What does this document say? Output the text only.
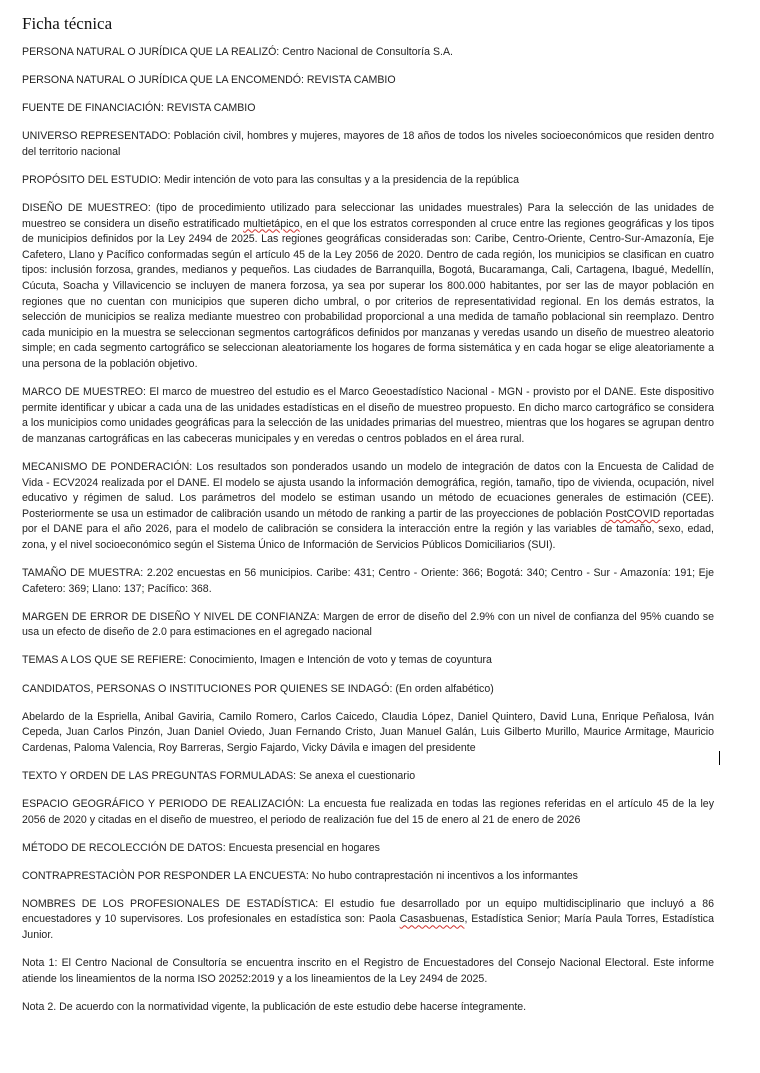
Ficha técnica

PERSONA NATURAL O JURÍDICA QUE LA REALIZÓ: Centro Nacional de Consultoría S.A.

PERSONA NATURAL O JURÍDICA QUE LA ENCOMENDÓ: REVISTA CAMBIO

FUENTE DE FINANCIACIÓN: REVISTA CAMBIO

UNIVERSO REPRESENTADO: Población civil, hombres y mujeres, mayores de 18 años de todos los niveles socioeconómicos que residen dentro del territorio nacional

PROPÓSITO DEL ESTUDIO: Medir intención de voto para las consultas y a la presidencia de la república

DISEÑO DE MUESTREO: (tipo de procedimiento utilizado para seleccionar las unidades muestrales) Para la selección de las unidades de muestreo se considera un diseño estratificado multietápico, en el que los estratos corresponden al cruce entre las regiones geográficas y los tipos de municipios definidos por la Ley 2494 de 2025. Las regiones geográficas consideradas son: Caribe, Centro-Oriente, Centro-Sur-Amazonía, Eje Cafetero, Llano y Pacífico conformadas según el artículo 45 de la Ley 2056 de 2020. Dentro de cada región, los municipios se clasifican en cuatro tipos: inclusión forzosa, grandes, medianos y pequeños. Las ciudades de Barranquilla, Bogotá, Bucaramanga, Cali, Cartagena, Ibagué, Medellín, Cúcuta, Soacha y Villavicencio se incluyen de manera forzosa, ya sea por superar los 800.000 habitantes, por ser las de mayor población en regiones que no cuentan con municipios que superen dicho umbral, o por criterios de representatividad regional. En los demás estratos, la selección de municipios se realiza mediante muestreo con probabilidad proporcional a una medida de tamaño poblacional sin reemplazo. Dentro cada municipio en la muestra se seleccionan segmentos cartográficos definidos por manzanas y veredas usando un diseño de muestreo aleatorio simple; en cada segmento cartográfico se seleccionan aleatoriamente los hogares de forma sistemática y en cada hogar se elige aleatoriamente a una persona de la población objetivo.

MARCO DE MUESTREO: El marco de muestreo del estudio es el Marco Geoestadístico Nacional - MGN - provisto por el DANE. Este dispositivo permite identificar y ubicar a cada una de las unidades estadísticas en el diseño de muestreo propuesto. En dicho marco cartográfico se considera a los municipios como unidades geográficas para la selección de las unidades primarias del muestreo, mientras que los hogares se agrupan dentro de manzanas cartográficas en las cabeceras municipales y en veredas o centros poblados en el área rural.

MECANISMO DE PONDERACIÓN: Los resultados son ponderados usando un modelo de integración de datos con la Encuesta de Calidad de Vida - ECV2024 realizada por el DANE. El modelo se ajusta usando la información demográfica, región, tamaño, tipo de vivienda, ocupación, nivel educativo y régimen de salud. Los parámetros del modelo se estiman usando un método de ecuaciones generales de estimación (CEE). Posteriormente se usa un estimador de calibración usando un método de ranking a partir de las proyecciones de población PostCOVID reportadas por el DANE para el año 2026, para el modelo de calibración se considera la interacción entre la región y las variables de tamaño, sexo, edad, zona, y el nivel socioeconómico según el Sistema Único de Información de Servicios Públicos Domiciliarios (SUI).

TAMAÑO DE MUESTRA: 2.202 encuestas en 56 municipios. Caribe: 431; Centro - Oriente: 366; Bogotá: 340; Centro - Sur - Amazonía: 191; Eje Cafetero: 369; Llano: 137; Pacífico: 368.

MARGEN DE ERROR DE DISEÑO Y NIVEL DE CONFIANZA: Margen de error de diseño del 2.9% con un nivel de confianza del 95% cuando se usa un efecto de diseño de 2.0 para estimaciones en el agregado nacional

TEMAS A LOS QUE SE REFIERE: Conocimiento, Imagen e Intención de voto y temas de coyuntura

CANDIDATOS, PERSONAS O INSTITUCIONES POR QUIENES SE INDAGÓ: (En orden alfabético)

Abelardo de la Espriella, Anibal Gaviria, Camilo Romero, Carlos Caicedo, Claudia López, Daniel Quintero, David Luna, Enrique Peñalosa, Iván Cepeda, Juan Carlos Pinzón, Juan Daniel Oviedo, Juan Fernando Cristo, Juan Manuel Galán, Luis Gilberto Murillo, Maurice Armitage, Mauricio Cardenas, Paloma Valencia, Roy Barreras, Sergio Fajardo, Vicky Dávila e imagen del presidente

TEXTO Y ORDEN DE LAS PREGUNTAS FORMULADAS: Se anexa el cuestionario

ESPACIO GEOGRÁFICO Y PERIODO DE REALIZACIÓN: La encuesta fue realizada en todas las regiones referidas en el artículo 45 de la ley 2056 de 2020 y citadas en el diseño de muestreo, el periodo de realización fue del 15 de enero al 21 de enero de 2026

MÉTODO DE RECOLECCIÓN DE DATOS: Encuesta presencial en hogares

CONTRAPRESTACIÒN POR RESPONDER LA ENCUESTA: No hubo contraprestación ni incentivos a los informantes

NOMBRES DE LOS PROFESIONALES DE ESTADÍSTICA: El estudio fue desarrollado por un equipo multidisciplinario que incluyó a 86 encuestadores y 10 supervisores. Los profesionales en estadística son: Paola Casasbuenas, Estadística Senior; María Paula Torres, Estadística Junior.

Nota 1: El Centro Nacional de Consultoría se encuentra inscrito en el Registro de Encuestadores del Consejo Nacional Electoral. Este informe atiende los lineamientos de la norma ISO 20252:2019 y a los lineamientos de la Ley 2494 de 2025.

Nota 2. De acuerdo con la normatividad vigente, la publicación de este estudio debe hacerse íntegramente.
